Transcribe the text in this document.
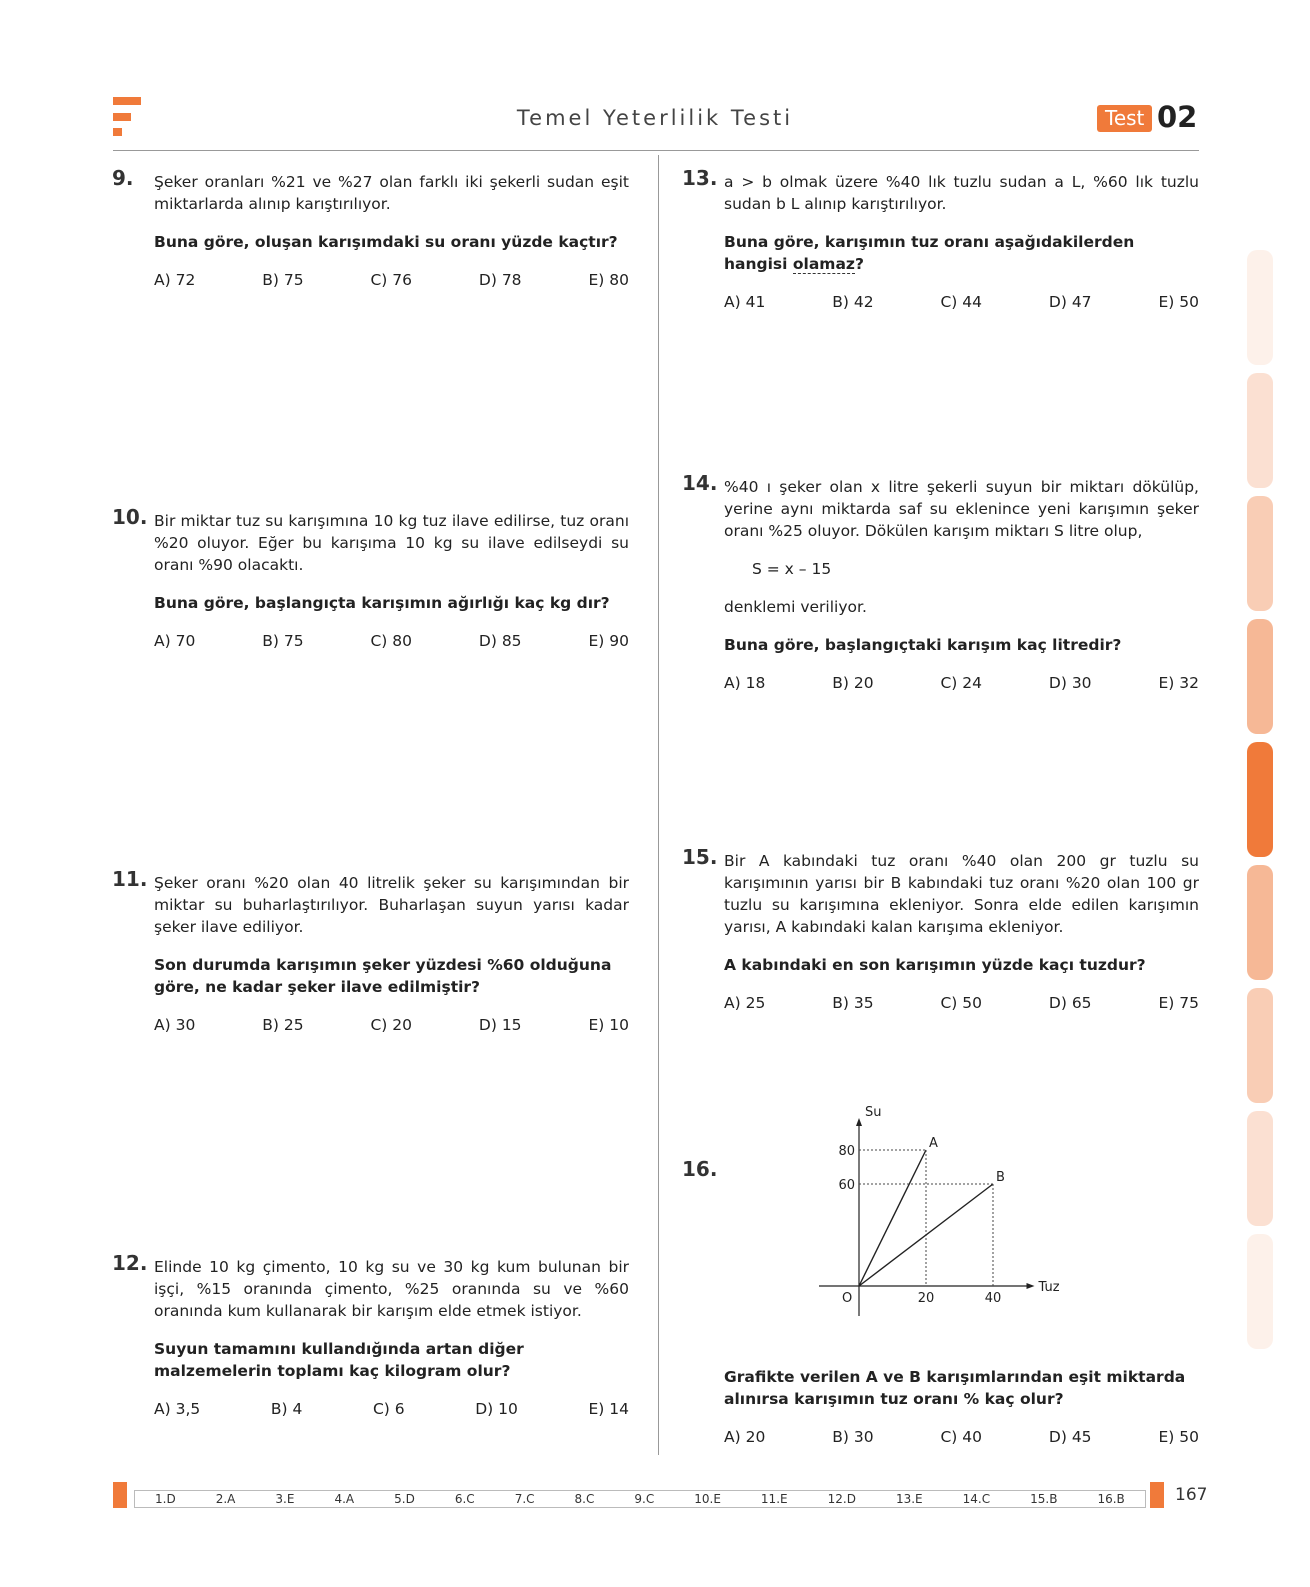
Temel Yeterlilik Testi	Test 02
9. Şeker oranları %21 ve %27 olan farklı iki şekerli sudan eşit miktarlarda alınıp karıştırılıyor.
Buna göre, oluşan karışımdaki su oranı yüzde kaçtır?
A) 72	B) 75	C) 76	D) 78	E) 80
10. Bir miktar tuz su karışımına 10 kg tuz ilave edilirse, tuz oranı %20 oluyor. Eğer bu karışıma 10 kg su ilave edilseydi su oranı %90 olacaktı.
Buna göre, başlangıçta karışımın ağırlığı kaç kg dır?
A) 70	B) 75	C) 80	D) 85	E) 90
11. Şeker oranı %20 olan 40 litrelik şeker su karışımından bir miktar su buharlaştırılıyor. Buharlaşan suyun yarısı kadar şeker ilave ediliyor.
Son durumda karışımın şeker yüzdesi %60 olduğuna göre, ne kadar şeker ilave edilmiştir?
A) 30	B) 25	C) 20	D) 15	E) 10
12. Elinde 10 kg çimento, 10 kg su ve 30 kg kum bulunan bir işçi, %15 oranında çimento, %25 oranında su ve %60 oranında kum kullanarak bir karışım elde etmek istiyor.
Suyun tamamını kullandığında artan diğer malzemelerin toplamı kaç kilogram olur?
A) 3,5	B) 4	C) 6	D) 10	E) 14
13. a > b olmak üzere %40 lık tuzlu sudan a L, %60 lık tuzlu sudan b L alınıp karıştırılıyor.
Buna göre, karışımın tuz oranı aşağıdakilerden hangisi olamaz?
A) 41	B) 42	C) 44	D) 47	E) 50
14. %40 ı şeker olan x litre şekerli suyun bir miktarı dökülüp, yerine aynı miktarda saf su eklenince yeni karışımın şeker oranı %25 oluyor. Dökülen karışım miktarı S litre olup,
S = x – 15
denklemi veriliyor.
Buna göre, başlangıçtaki karışım kaç litredir?
A) 18	B) 20	C) 24	D) 30	E) 32
15. Bir A kabındaki tuz oranı %40 olan 200 gr tuzlu su karışımının yarısı bir B kabındaki tuz oranı %20 olan 100 gr tuzlu su karışımına ekleniyor. Sonra elde edilen karışımın yarısı, A kabındaki kalan karışıma ekleniyor.
A kabındaki en son karışımın yüzde kaçı tuzdur?
A) 25	B) 35	C) 50	D) 65	E) 75
16.
Tuz
Su
O	20	40
60
80
A
B
Grafikte verilen A ve B karışımlarından eşit miktarda alınırsa karışımın tuz oranı % kaç olur?
A) 20	B) 30	C) 40	D) 45	E) 50
1.D	2.A	3.E	4.A	5.D	6.C	7.C	8.C	9.C	10.E	11.E	12.D	13.E	14.C	15.B	16.B	167
